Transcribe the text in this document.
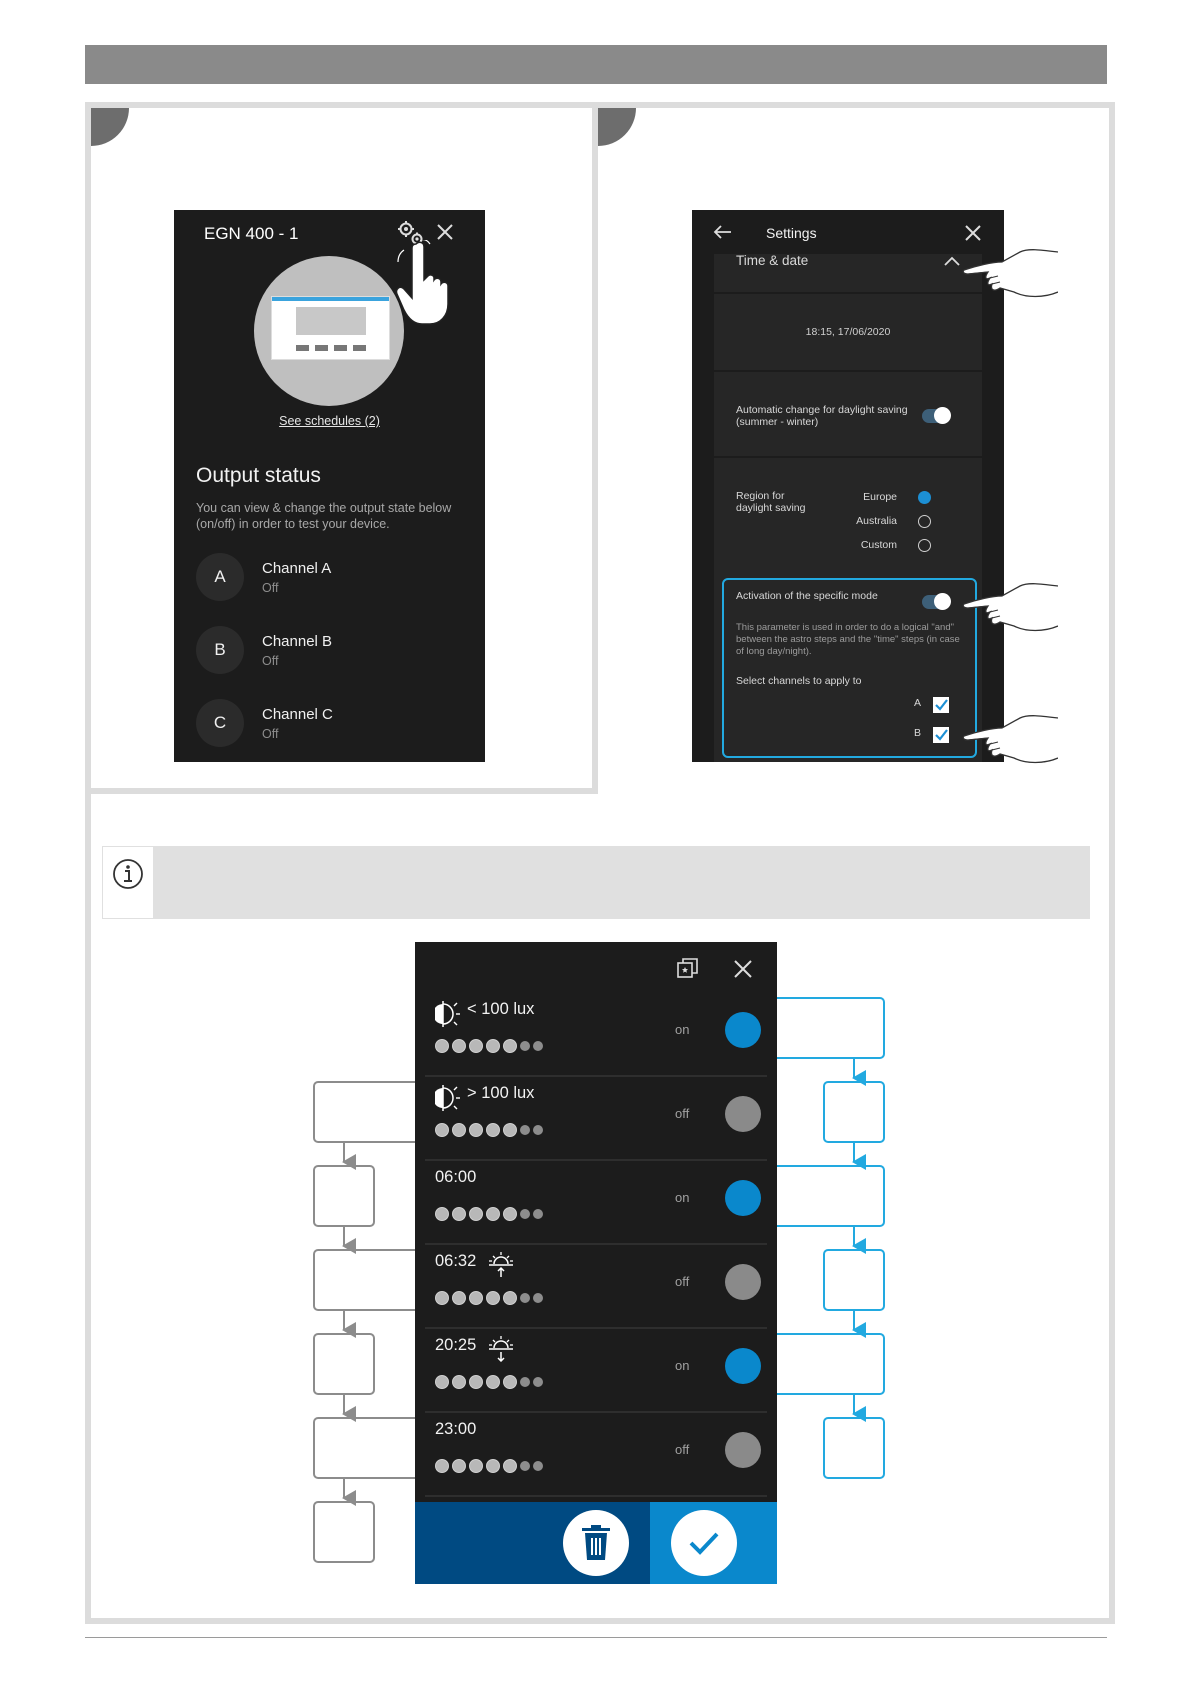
EGN 400 - 1
See schedules (2)
Output status
You can view & change the output state below (on/off) in order to test your device.
A	Channel A
Off
B	Channel B
Off
C	Channel C
Off
Settings
Time & date
18:15, 17/06/2020
Automatic change for daylight saving (summer - winter)
Region for daylight saving
Europe
Australia
Custom
Activation of the specific mode
This parameter is used in order to do a logical "and" between the astro steps and the "time" steps (in case of long day/night).
Select channels to apply to
A
B
< 100 lux
on
> 100 lux
off
06:00
on
06:32
off
20:25
on
23:00
off
